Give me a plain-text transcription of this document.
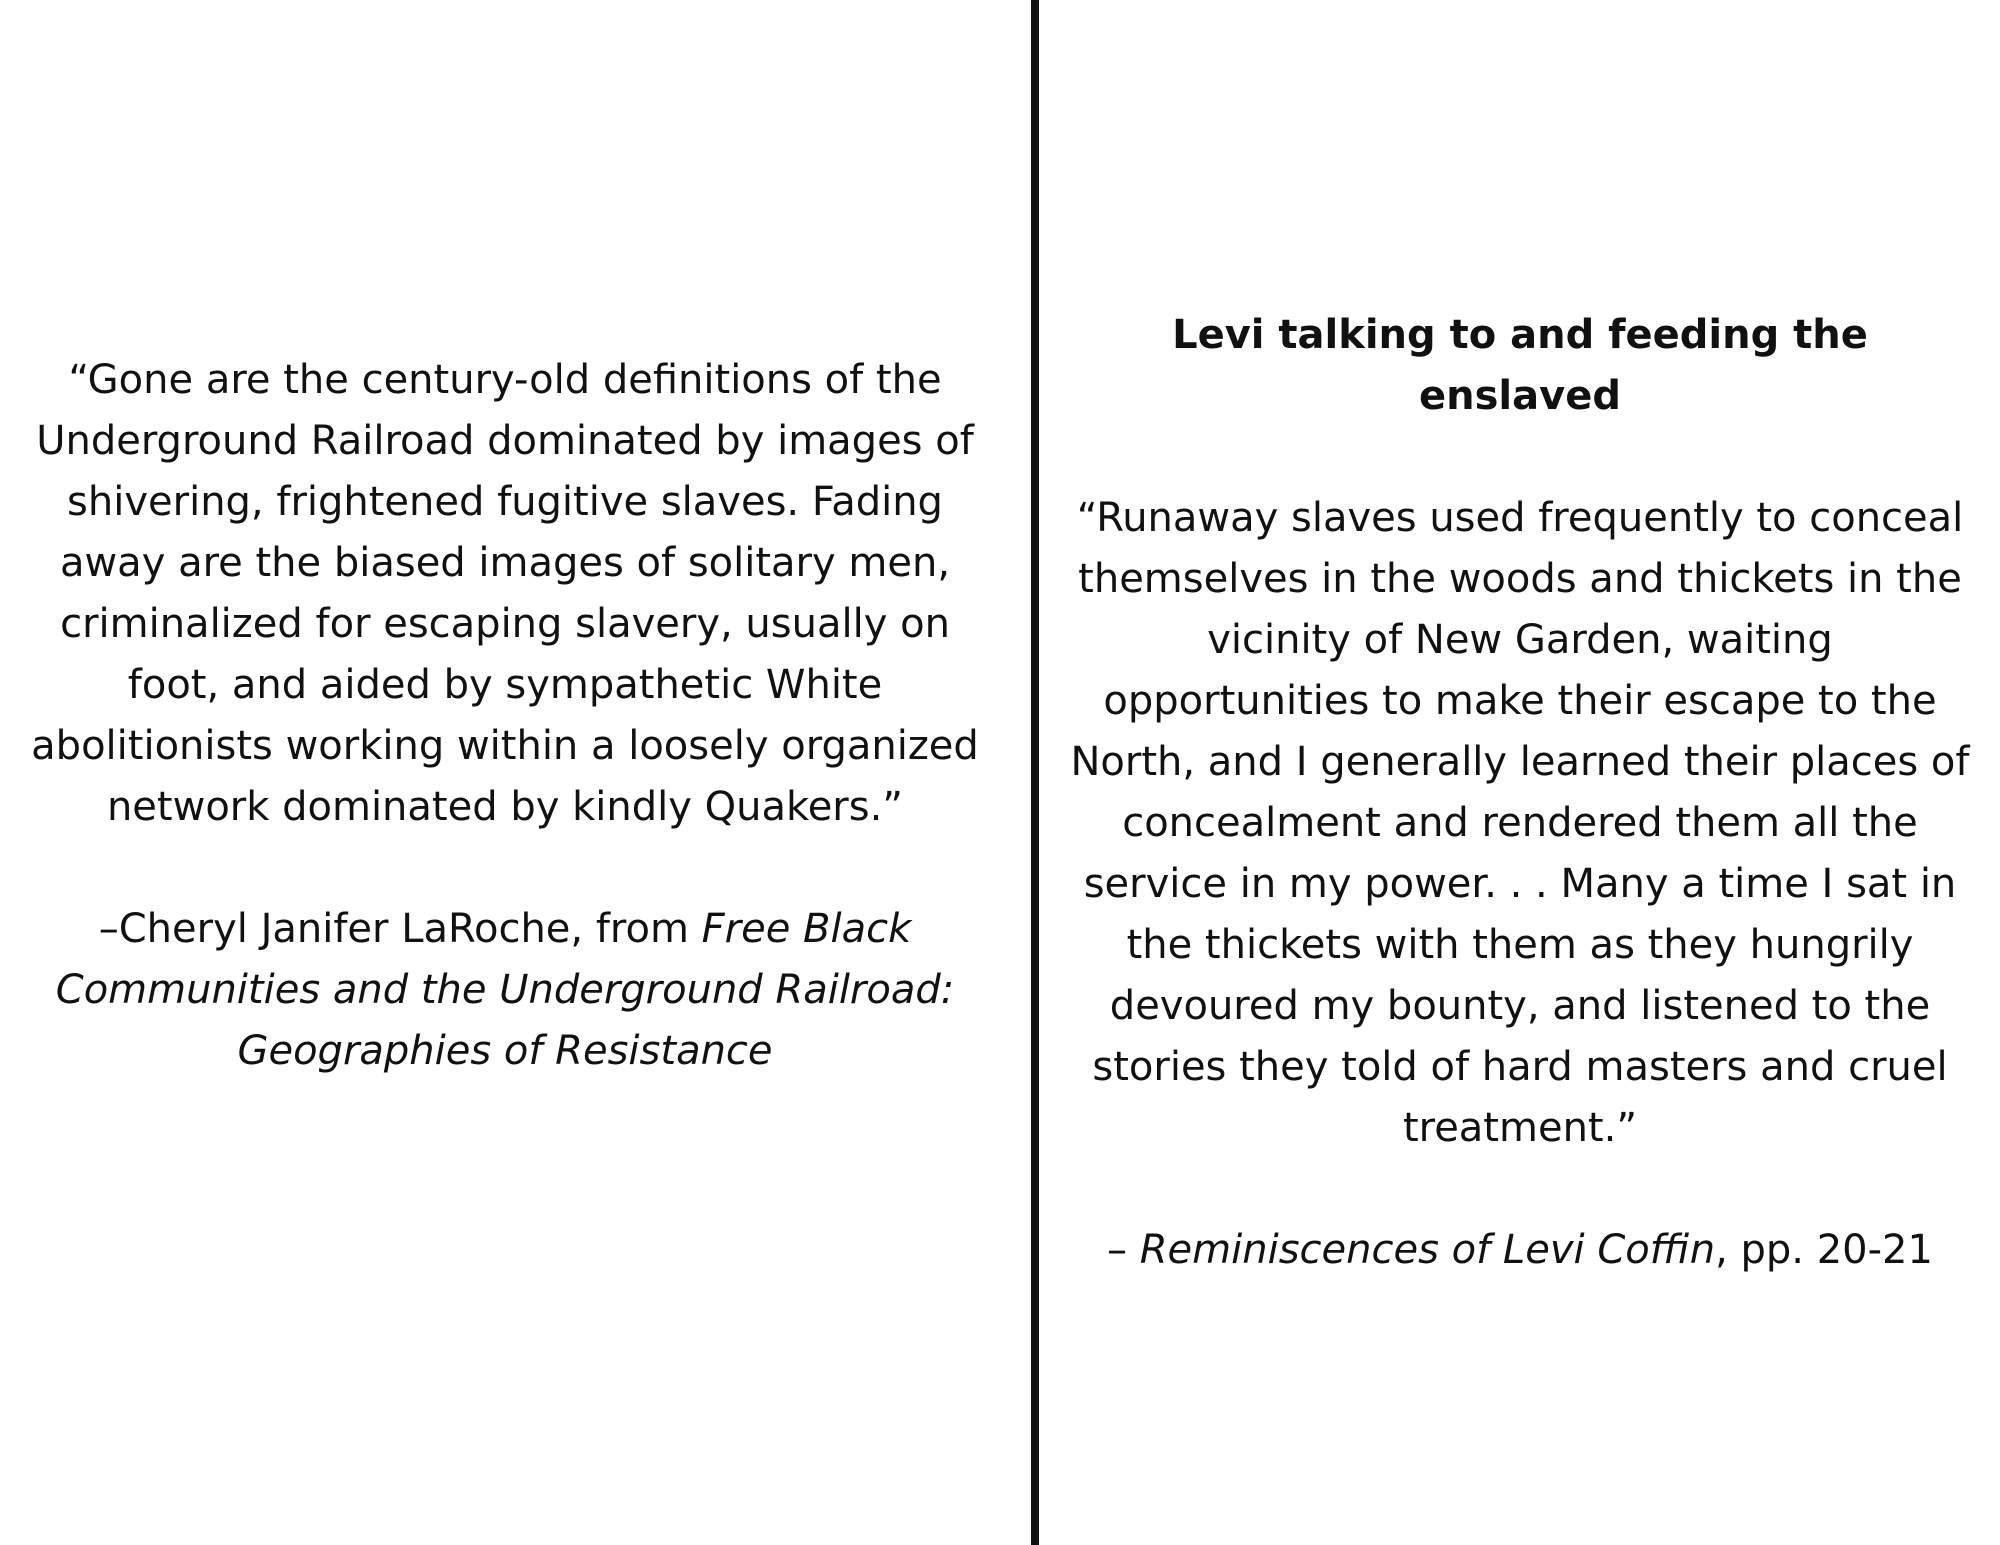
“Gone are the century-old definitions of the Underground Railroad dominated by images of shivering, frightened fugitive slaves. Fading away are the biased images of solitary men, criminalized for escaping slavery, usually on foot, and aided by sympathetic White abolitionists working within a loosely organized network dominated by kindly Quakers.”

–Cheryl Janifer LaRoche, from Free Black Communities and the Underground Railroad: Geographies of Resistance

Levi talking to and feeding the enslaved

“Runaway slaves used frequently to conceal themselves in the woods and thickets in the vicinity of New Garden, waiting opportunities to make their escape to the North, and I generally learned their places of concealment and rendered them all the service in my power. . . Many a time I sat in the thickets with them as they hungrily devoured my bounty, and listened to the stories they told of hard masters and cruel treatment.”

– Reminiscences of Levi Coffin, pp. 20-21
